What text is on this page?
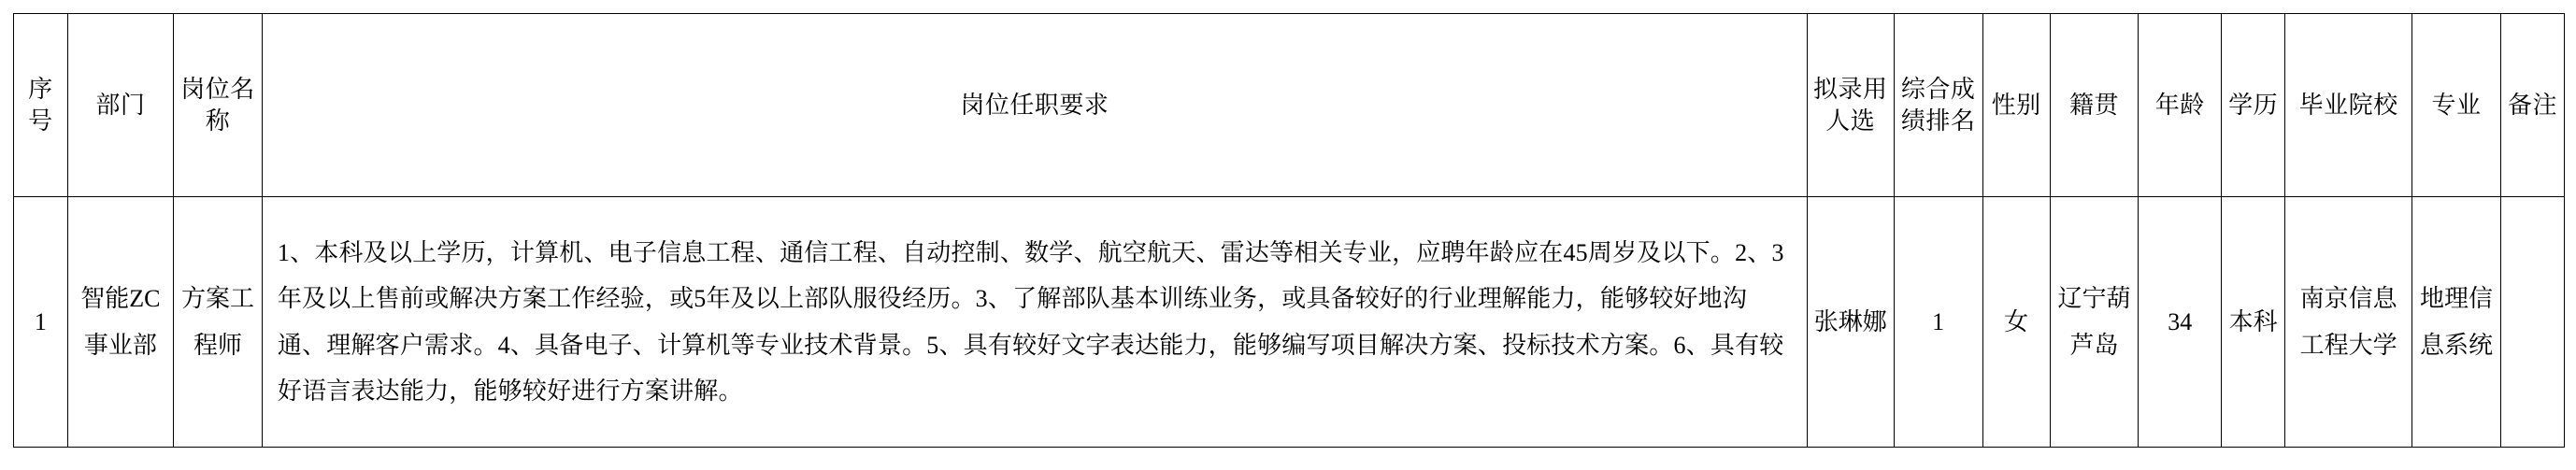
序号	部门	岗位名称	岗位任职要求	拟录用人选	综合成绩排名	性别	籍贯	年龄	学历	毕业院校	专业	备注
1	智能ZC事业部	方案工程师	1、本科及以上学历，计算机、电子信息工程、通信工程、自动控制、数学、航空航天、雷达等相关专业，应聘年龄应在45周岁及以下。2、3年及以上售前或解决方案工作经验，或5年及以上部队服役经历。3、了解部队基本训练业务，或具备较好的行业理解能力，能够较好地沟通、理解客户需求。4、具备电子、计算机等专业技术背景。5、具有较好文字表达能力，能够编写项目解决方案、投标技术方案。6、具有较好语言表达能力，能够较好进行方案讲解。	张琳娜	1	女	辽宁葫芦岛	34	本科	南京信息工程大学	地理信息系统	
